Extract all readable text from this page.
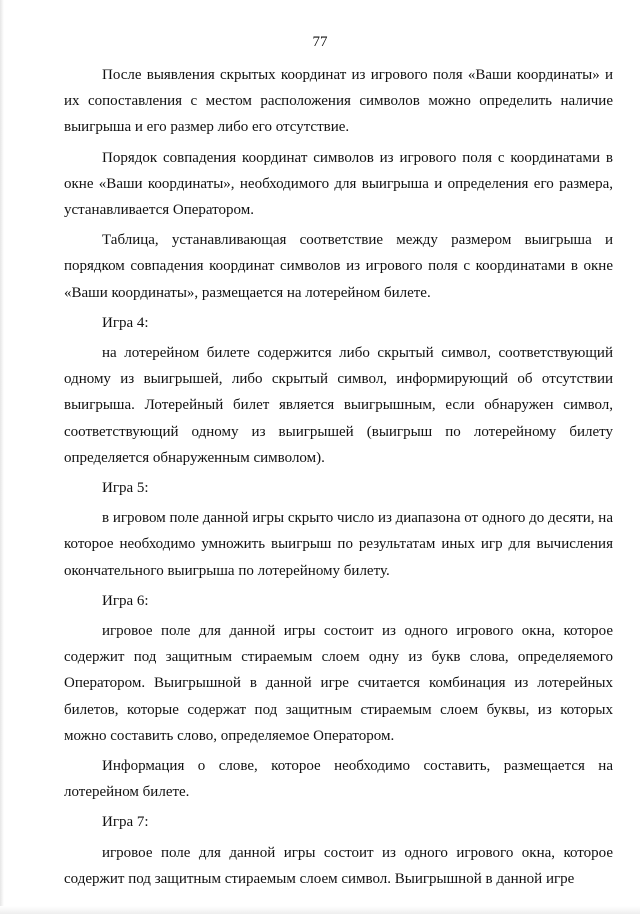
77

После выявления скрытых координат из игрового поля «Ваши координаты» и их сопоставления с местом расположения символов можно определить наличие выигрыша и его размер либо его отсутствие.

Порядок совпадения координат символов из игрового поля с координатами в окне «Ваши координаты», необходимого для выигрыша и определения его размера, устанавливается Оператором.

Таблица, устанавливающая соответствие между размером выигрыша и порядком совпадения координат символов из игрового поля с координатами в окне «Ваши координаты», размещается на лотерейном билете.

Игра 4:

на лотерейном билете содержится либо скрытый символ, соответствующий одному из выигрышей, либо скрытый символ, информирующий об отсутствии выигрыша. Лотерейный билет является выигрышным, если обнаружен символ, соответствующий одному из выигрышей (выигрыш по лотерейному билету определяется обнаруженным символом).

Игра 5:

в игровом поле данной игры скрыто число из диапазона от одного до десяти, на которое необходимо умножить выигрыш по результатам иных игр для вычисления окончательного выигрыша по лотерейному билету.

Игра 6:

игровое поле для данной игры состоит из одного игрового окна, которое содержит под защитным стираемым слоем одну из букв слова, определяемого Оператором. Выигрышной в данной игре считается комбинация из лотерейных билетов, которые содержат под защитным стираемым слоем буквы, из которых можно составить слово, определяемое Оператором.

Информация о слове, которое необходимо составить, размещается на лотерейном билете.

Игра 7:

игровое поле для данной игры состоит из одного игрового окна, которое содержит под защитным стираемым слоем символ. Выигрышной в данной игре
